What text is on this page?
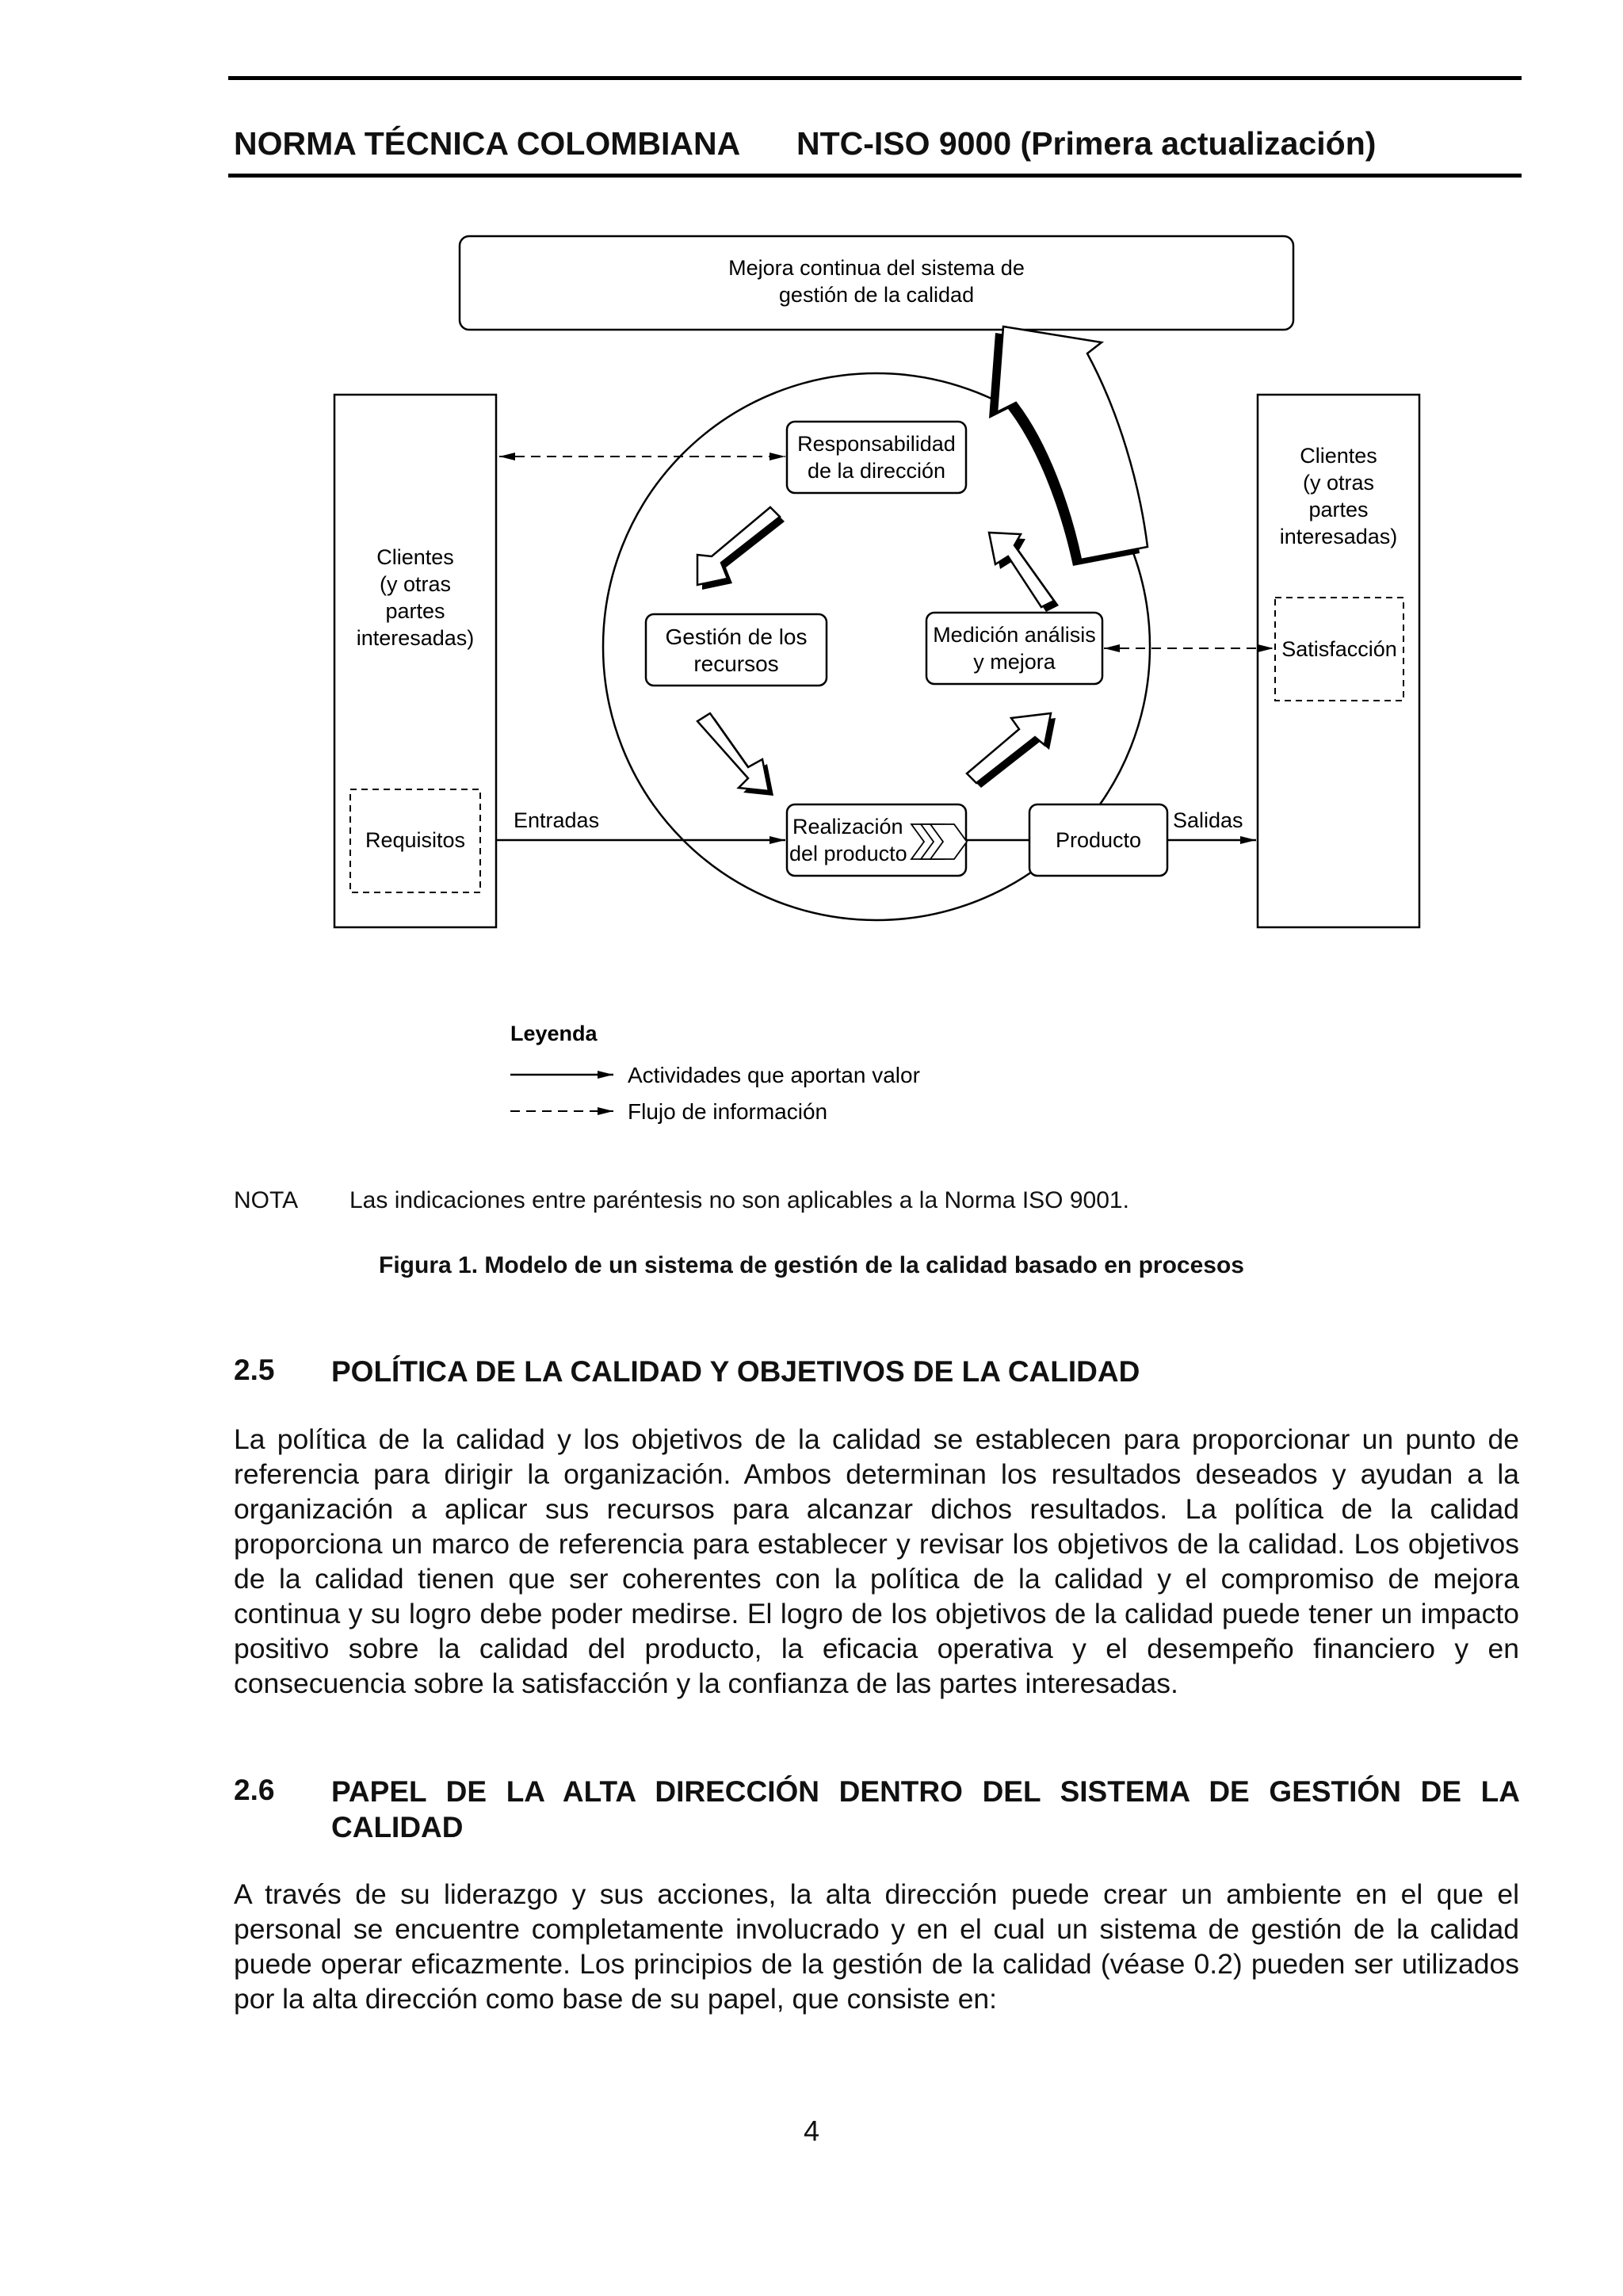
NORMA TÉCNICA COLOMBIANA NTC-ISO 9000 (Primera actualización)
Mejora continua del sistema de
gestión de la calidad
Clientes
(y otras
partes
interesadas)
Requisitos
Clientes
(y otras
partes
interesadas)
Satisfacción
Responsabilidad
de la dirección
Gestión de los
recursos
Medición análisis
y mejora
Realización
del producto
Producto
Entradas	Salidas
Leyenda
Actividades que aportan valor
Flujo de información
NOTA Las indicaciones entre paréntesis no son aplicables a la Norma ISO 9001.
Figura 1. Modelo de un sistema de gestión de la calidad basado en procesos
2.5 POLÍTICA DE LA CALIDAD Y OBJETIVOS DE LA CALIDAD
La política de la calidad y los objetivos de la calidad se establecen para proporcionar un punto de referencia para dirigir la organización. Ambos determinan los resultados deseados y ayudan a la organización a aplicar sus recursos para alcanzar dichos resultados. La política de la calidad proporciona un marco de referencia para establecer y revisar los objetivos de la calidad. Los objetivos de la calidad tienen que ser coherentes con la política de la calidad y el compromiso de mejora continua y su logro debe poder medirse. El logro de los objetivos de la calidad puede tener un impacto positivo sobre la calidad del producto, la eficacia operativa y el desempeño financiero y en consecuencia sobre la satisfacción y la confianza de las partes interesadas.
2.6 PAPEL DE LA ALTA DIRECCIÓN DENTRO DEL SISTEMA DE GESTIÓN DE LA CALIDAD
A través de su liderazgo y sus acciones, la alta dirección puede crear un ambiente en el que el personal se encuentre completamente involucrado y en el cual un sistema de gestión de la calidad puede operar eficazmente. Los principios de la gestión de la calidad (véase 0.2) pueden ser utilizados por la alta dirección como base de su papel, que consiste en:
4
